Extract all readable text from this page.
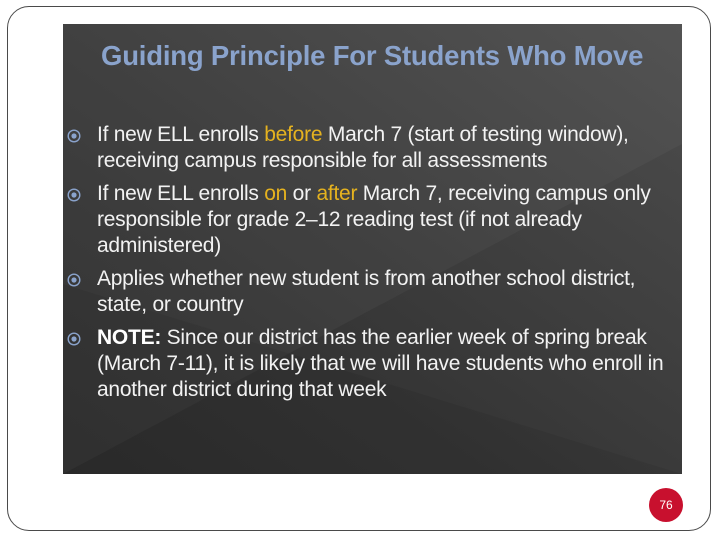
Guiding Principle For Students Who Move
If new ELL enrolls before March 7 (start of testing window), receiving campus responsible for all assessments
If new ELL enrolls on or after March 7, receiving campus only responsible for grade 2–12 reading test (if not already administered)
Applies whether new student is from another school district, state, or country
NOTE: Since our district has the earlier week of spring break (March 7-11), it is likely that we will have students who enroll in another district during that week
76
